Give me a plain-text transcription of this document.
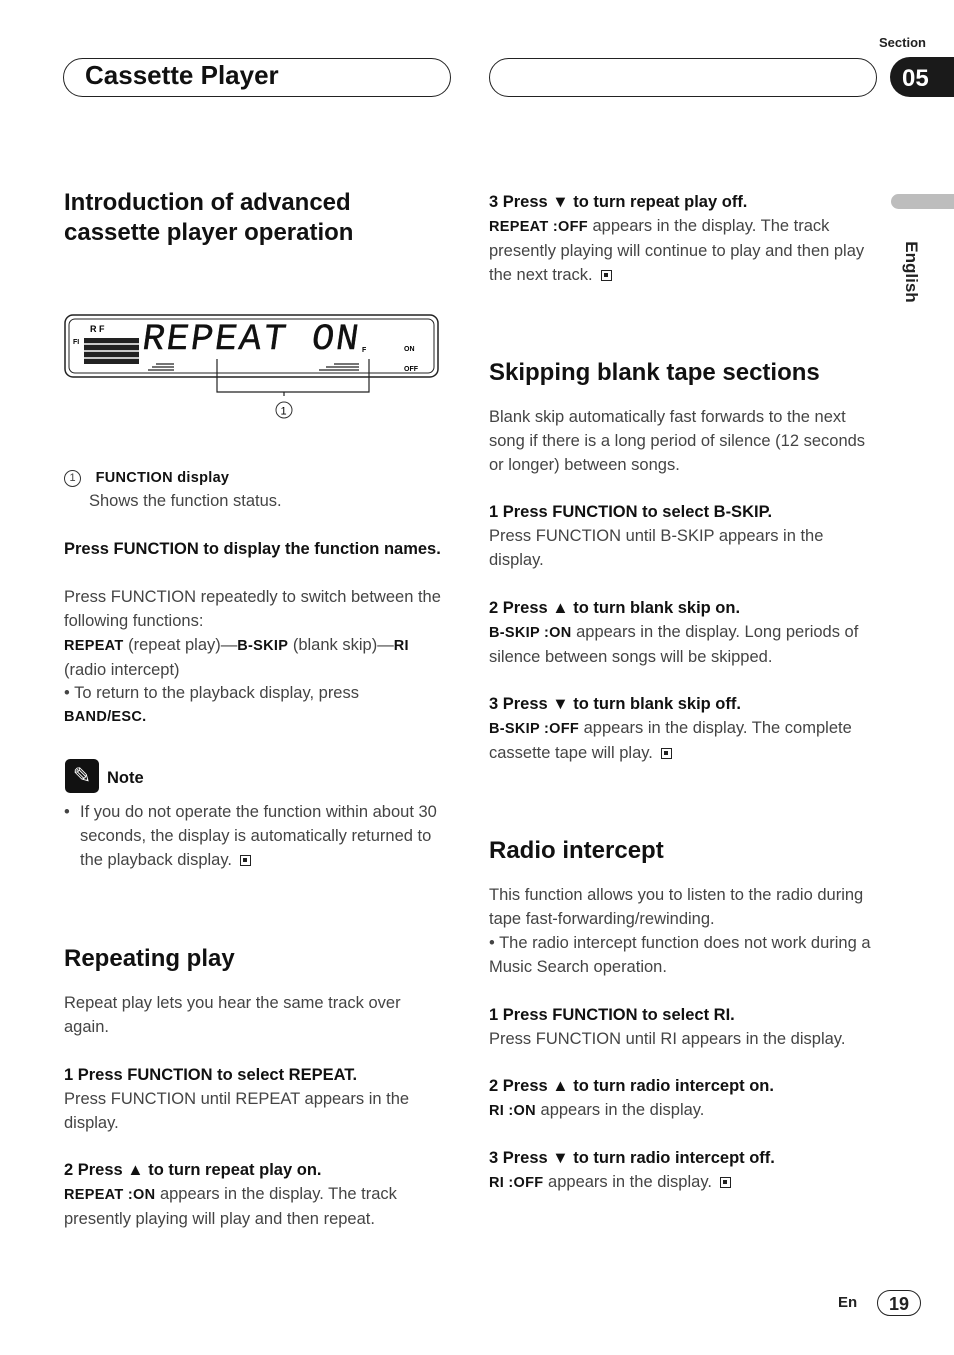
Cassette Player
Section
05
English
Introduction of advanced
cassette player operation
FI
R F REPEAT ON
F	ON
OFF
1
1 FUNCTION display
Shows the function status.
Press FUNCTION to display the function names.
Press FUNCTION repeatedly to switch between the following functions:
REPEAT (repeat play)—B-SKIP (blank skip)—RI (radio intercept)
• To return to the playback display, press
BAND/ESC.
✎ Note
• If you do not operate the function within about 30 seconds, the display is automatically returned to the playback display.
Repeating play
Repeat play lets you hear the same track over again.
1 Press FUNCTION to select REPEAT.
Press FUNCTION until REPEAT appears in the display.
2 Press ▲ to turn repeat play on.
REPEAT :ON appears in the display. The track presently playing will play and then repeat.
3 Press ▼ to turn repeat play off.
REPEAT :OFF appears in the display. The track presently playing will continue to play and then play the next track.
Skipping blank tape sections
Blank skip automatically fast forwards to the next song if there is a long period of silence (12 seconds or longer) between songs.
1 Press FUNCTION to select B-SKIP.
Press FUNCTION until B-SKIP appears in the display.
2 Press ▲ to turn blank skip on.
B-SKIP :ON appears in the display. Long periods of silence between songs will be skipped.
3 Press ▼ to turn blank skip off.
B-SKIP :OFF appears in the display. The complete cassette tape will play.
Radio intercept
This function allows you to listen to the radio during tape fast-forwarding/rewinding.
• The radio intercept function does not work during a Music Search operation.
1 Press FUNCTION to select RI.
Press FUNCTION until RI appears in the display.
2 Press ▲ to turn radio intercept on.
RI :ON appears in the display.
3 Press ▼ to turn radio intercept off.
RI :OFF appears in the display.
En	19
